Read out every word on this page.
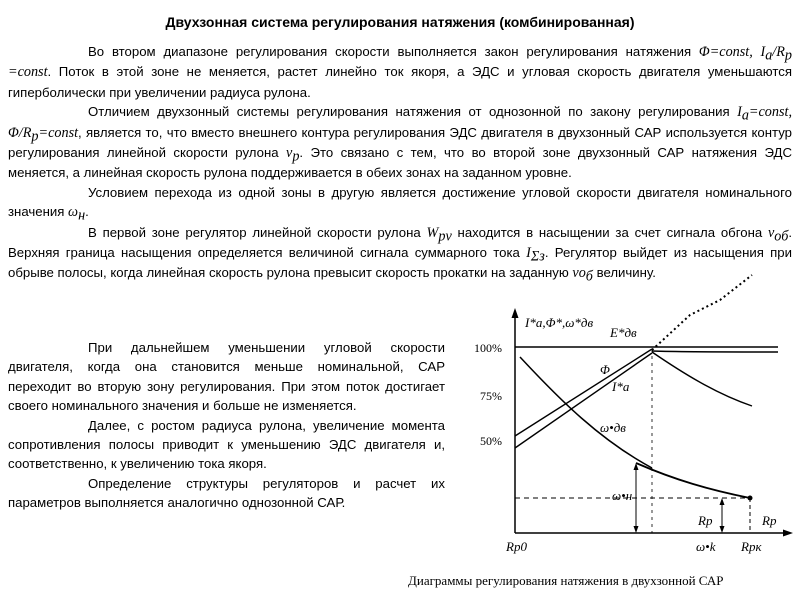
Двухзонная система регулирования натяжения (комбинированная)

Во втором диапазоне регулирования скорости выполняется закон регулирования натяжения Φ=const, $I_a/R_p$ =const. Поток в этой зоне не меняется, растет линейно ток якоря, а ЭДС и угловая скорость двигателя уменьшаются гиперболически при увеличении радиуса рулона.

Отличием двухзонный системы регулирования натяжения от однозонной по закону регулирования $I_a=const$, $\Phi/R_p=const$, является то, что вместо внешнего контура регулирования ЭДС двигателя в двухзонный САР используется контур регулирования линейной скорости рулона $v_p$. Это связано с тем, что во второй зоне двухзонный САР натяжения ЭДС меняется, а линейная скорость рулона поддерживается в обеих зонах на заданном уровне.

Условием перехода из одной зоны в другую является достижение угловой скорости двигателя номинального значения $\omega_н$.

В первой зоне регулятор линейной скорости рулона $W_{pv}$ находится в насыщении за счет сигнала обгона $v_{об}$. Верхняя граница насыщения определяется величиной сигнала суммарного тока $I_{\Sigma з}$. Регулятор выйдет из насыщения при обрыве полосы, когда линейная скорость рулона превысит скорость прокатки на заданную $vo_б$ величину.

При дальнейшем уменьшении угловой скорости двигателя, когда она становится меньше номинальной, САР переходит во вторую зону регулирования. При этом поток достигает своего номинального значения и больше не изменяется.

Далее, с ростом радиуса рулона, увеличение момента сопротивления полосы приводит к уменьшению ЭДС двигателя и, соответственно, к увеличению тока якоря.

Определение структуры регуляторов и расчет их параметров выполняется аналогично однозонной САР.

I*a,Φ*,ω*дв
100%
75%
50%
E*дв
Φ
I*a
ω•дв
ω•н
Rp	Rp
Rp0	ω•k Rpк
Диаграммы регулирования натяжения в двухзонной САР
